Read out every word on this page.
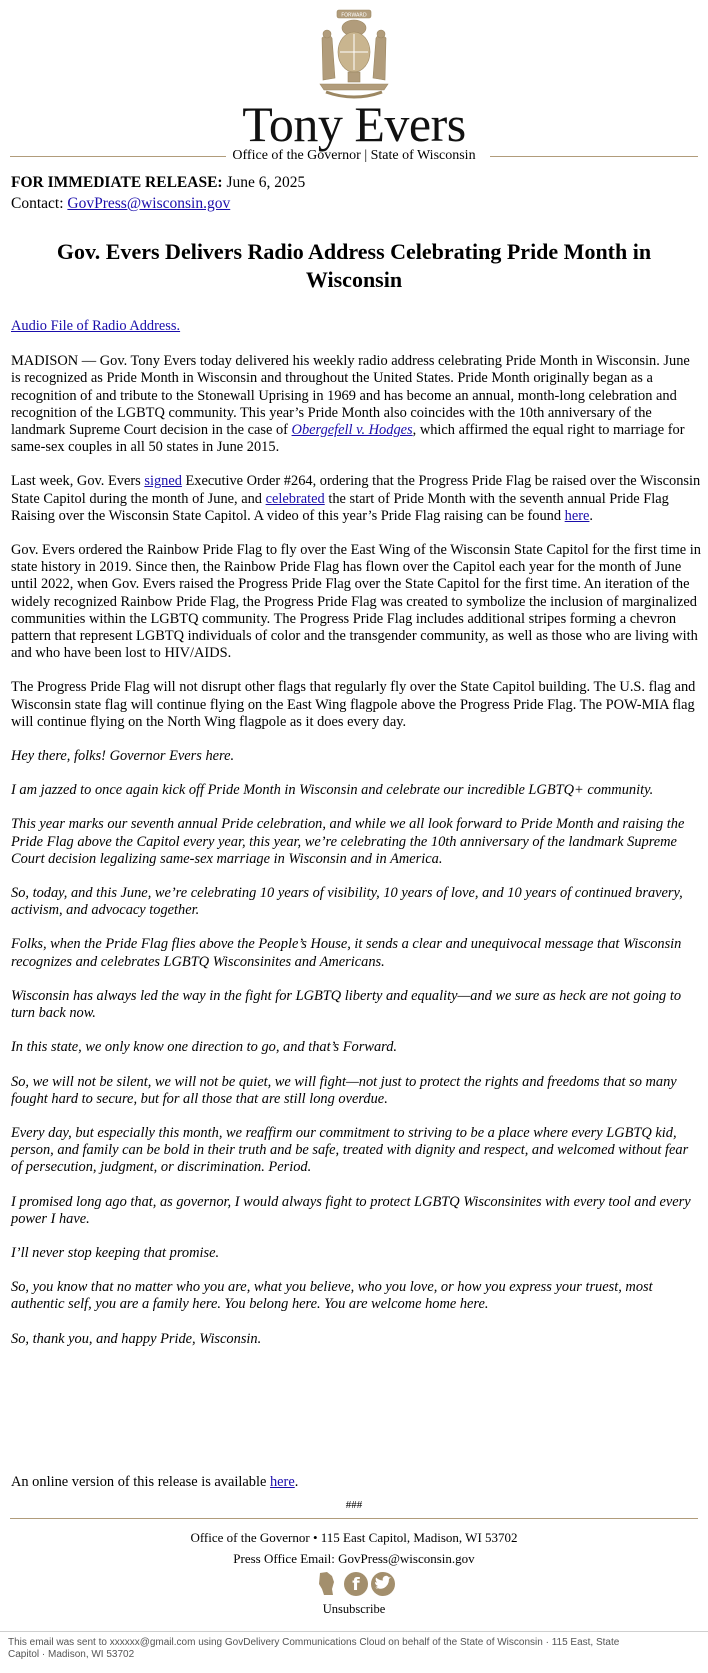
FORWARD
Tony Evers
Office of the Governor | State of Wisconsin
FOR IMMEDIATE RELEASE: June 6, 2025
Contact: GovPress@wisconsin.gov
Gov. Evers Delivers Radio Address Celebrating Pride Month in Wisconsin

Audio File of Radio Address.

MADISON — Gov. Tony Evers today delivered his weekly radio address celebrating Pride Month in Wisconsin. June is recognized as Pride Month in Wisconsin and throughout the United States. Pride Month originally began as a recognition of and tribute to the Stonewall Uprising in 1969 and has become an annual, month-long celebration and recognition of the LGBTQ community. This year’s Pride Month also coincides with the 10th anniversary of the landmark Supreme Court decision in the case of Obergefell v. Hodges, which affirmed the equal right to marriage for same-sex couples in all 50 states in June 2015.

Last week, Gov. Evers signed Executive Order #264, ordering that the Progress Pride Flag be raised over the Wisconsin State Capitol during the month of June, and celebrated the start of Pride Month with the seventh annual Pride Flag Raising over the Wisconsin State Capitol. A video of this year’s Pride Flag raising can be found here.

Gov. Evers ordered the Rainbow Pride Flag to fly over the East Wing of the Wisconsin State Capitol for the first time in state history in 2019. Since then, the Rainbow Pride Flag has flown over the Capitol each year for the month of June until 2022, when Gov. Evers raised the Progress Pride Flag over the State Capitol for the first time. An iteration of the widely recognized Rainbow Pride Flag, the Progress Pride Flag was created to symbolize the inclusion of marginalized communities within the LGBTQ community. The Progress Pride Flag includes additional stripes forming a chevron pattern that represent LGBTQ individuals of color and the transgender community, as well as those who are living with and who have been lost to HIV/AIDS.

The Progress Pride Flag will not disrupt other flags that regularly fly over the State Capitol building. The U.S. flag and Wisconsin state flag will continue flying on the East Wing flagpole above the Progress Pride Flag. The POW-MIA flag will continue flying on the North Wing flagpole as it does every day.

Hey there, folks! Governor Evers here.

I am jazzed to once again kick off Pride Month in Wisconsin and celebrate our incredible LGBTQ+ community.

This year marks our seventh annual Pride celebration, and while we all look forward to Pride Month and raising the Pride Flag above the Capitol every year, this year, we’re celebrating the 10th anniversary of the landmark Supreme Court decision legalizing same-sex marriage in Wisconsin and in America.

So, today, and this June, we’re celebrating 10 years of visibility, 10 years of love, and 10 years of continued bravery, activism, and advocacy together.

Folks, when the Pride Flag flies above the People’s House, it sends a clear and unequivocal message that Wisconsin recognizes and celebrates LGBTQ Wisconsinites and Americans.

Wisconsin has always led the way in the fight for LGBTQ liberty and equality—and we sure as heck are not going to turn back now.

In this state, we only know one direction to go, and that’s Forward.

So, we will not be silent, we will not be quiet, we will fight—not just to protect the rights and freedoms that so many fought hard to secure, but for all those that are still long overdue.

Every day, but especially this month, we reaffirm our commitment to striving to be a place where every LGBTQ kid, person, and family can be bold in their truth and be safe, treated with dignity and respect, and welcomed without fear of persecution, judgment, or discrimination. Period.

I promised long ago that, as governor, I would always fight to protect LGBTQ Wisconsinites with every tool and every power I have.

I’ll never stop keeping that promise.

So, you know that no matter who you are, what you believe, who you love, or how you express your truest, most authentic self, you are a family here. You belong here. You are welcome home here.

So, thank you, and happy Pride, Wisconsin.

An online version of this release is available here.
###
Office of the Governor • 115 East Capitol, Madison, WI 53702
Press Office Email: GovPress@wisconsin.gov
f
Unsubscribe
This email was sent to xxxxxx@gmail.com using GovDelivery Communications Cloud on behalf of the State of Wisconsin · 115 East, State Capitol · Madison, WI 53702
